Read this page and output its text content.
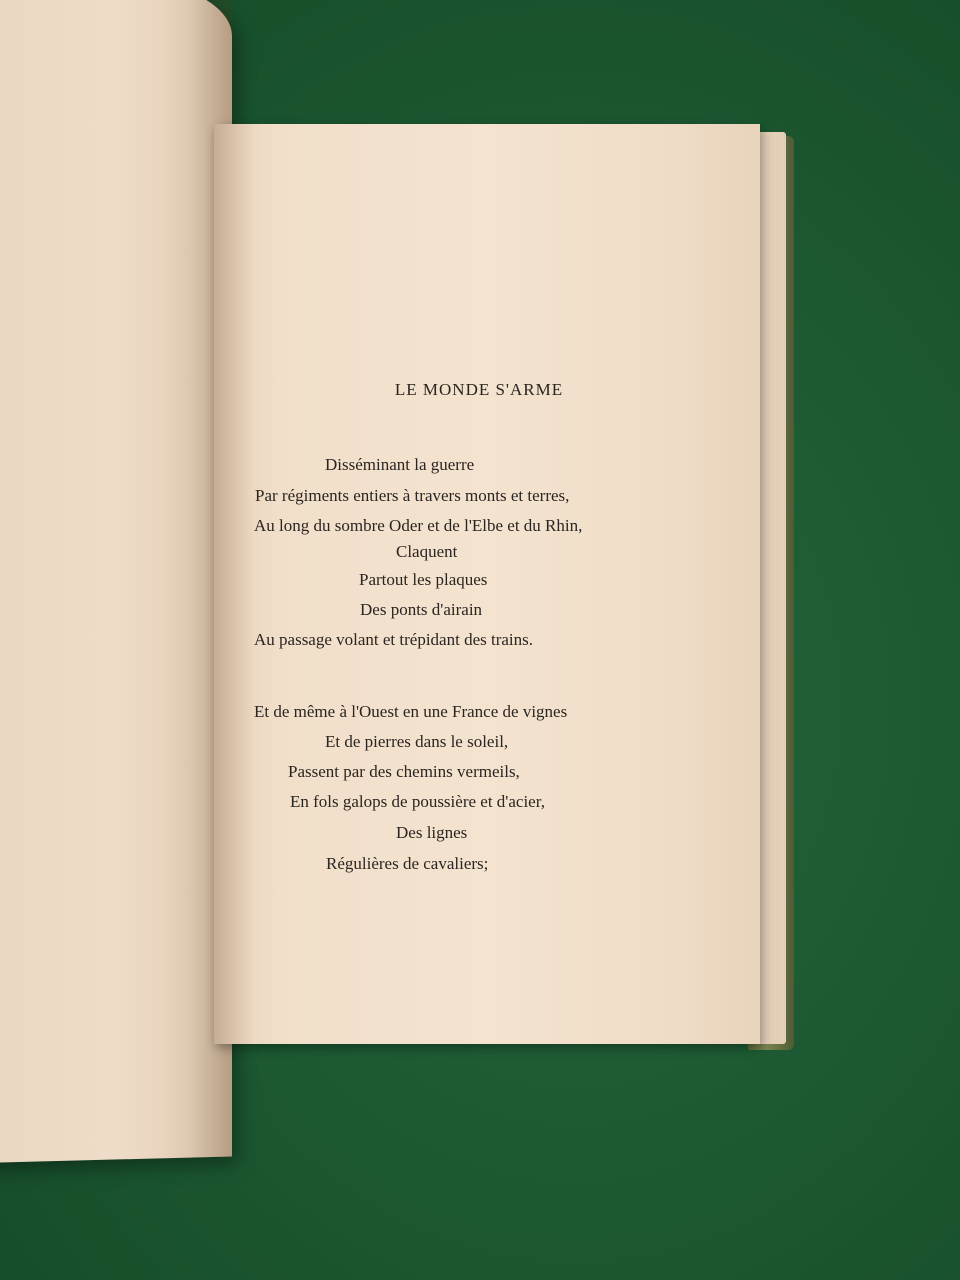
LE MONDE S'ARME
Disséminant la guerre
Par régiments entiers à travers monts et terres,
Au long du sombre Oder et de l'Elbe et du Rhin,
Claquent
Partout les plaques
Des ponts d'airain
Au passage volant et trépidant des trains.
Et de même à l'Ouest en une France de vignes
Et de pierres dans le soleil,
Passent par des chemins vermeils,
En fols galops de poussière et d'acier,
Des lignes
Régulières de cavaliers;
